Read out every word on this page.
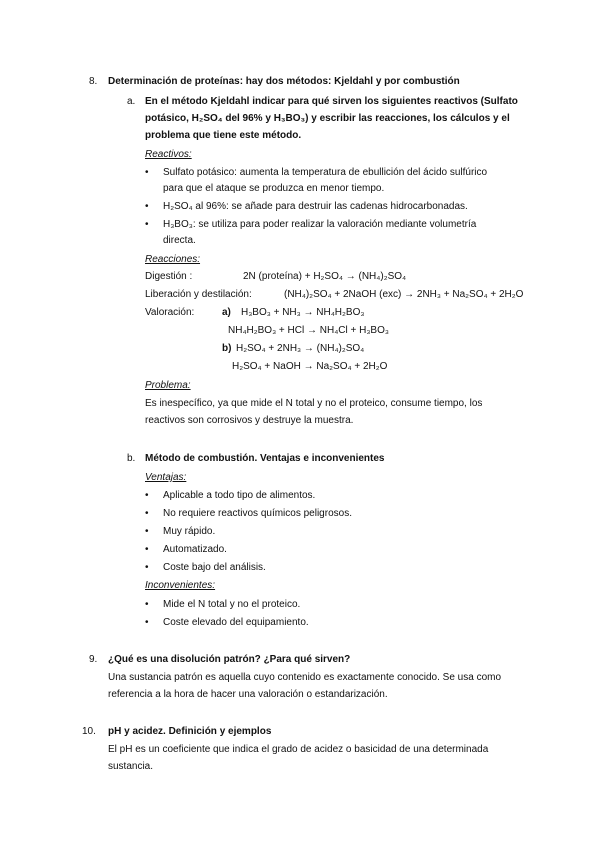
8. Determinación de proteínas: hay dos métodos: Kjeldahl y por combustión
a. En el método Kjeldahl indicar para qué sirven los siguientes reactivos (Sulfato
potásico, H₂SO₄ del 96% y H₃BO₃) y escribir las reacciones, los cálculos y el
problema que tiene este método.
Reactivos:
• Sulfato potásico: aumenta la temperatura de ebullición del ácido sulfúrico
para que el ataque se produzca en menor tiempo.
• H₂SO₄ al 96%: se añade para destruir las cadenas hidrocarbonadas.
• H₃BO₃: se utiliza para poder realizar la valoración mediante volumetría
directa.
Reacciones:
Digestión :	2N (proteína) + H₂SO₄ → (NH₄)₂SO₄
Liberación y destilación:	(NH₄)₂SO₄ + 2NaOH (exc) → 2NH₃ + Na₂SO₄ + 2H₂O
Valoración:	a) H₃BO₃ + NH₃ → NH₄H₂BO₃
NH₄H₂BO₃ + HCl → NH₄Cl + H₃BO₃
b) H₂SO₄ + 2NH₃ → (NH₄)₂SO₄
H₂SO₄ + NaOH → Na₂SO₄ + 2H₂O
Problema:
Es inespecífico, ya que mide el N total y no el proteico, consume tiempo, los
reactivos son corrosivos y destruye la muestra.
b. Método de combustión. Ventajas e inconvenientes
Ventajas:
• Aplicable a todo tipo de alimentos.
• No requiere reactivos químicos peligrosos.
• Muy rápido.
• Automatizado.
• Coste bajo del análisis.
Inconvenientes:
• Mide el N total y no el proteico.
• Coste elevado del equipamiento.
9. ¿Qué es una disolución patrón? ¿Para qué sirven?
Una sustancia patrón es aquella cuyo contenido es exactamente conocido. Se usa como
referencia a la hora de hacer una valoración o estandarización.
10. pH y acidez. Definición y ejemplos
El pH es un coeficiente que indica el grado de acidez o basicidad de una determinada
sustancia.
